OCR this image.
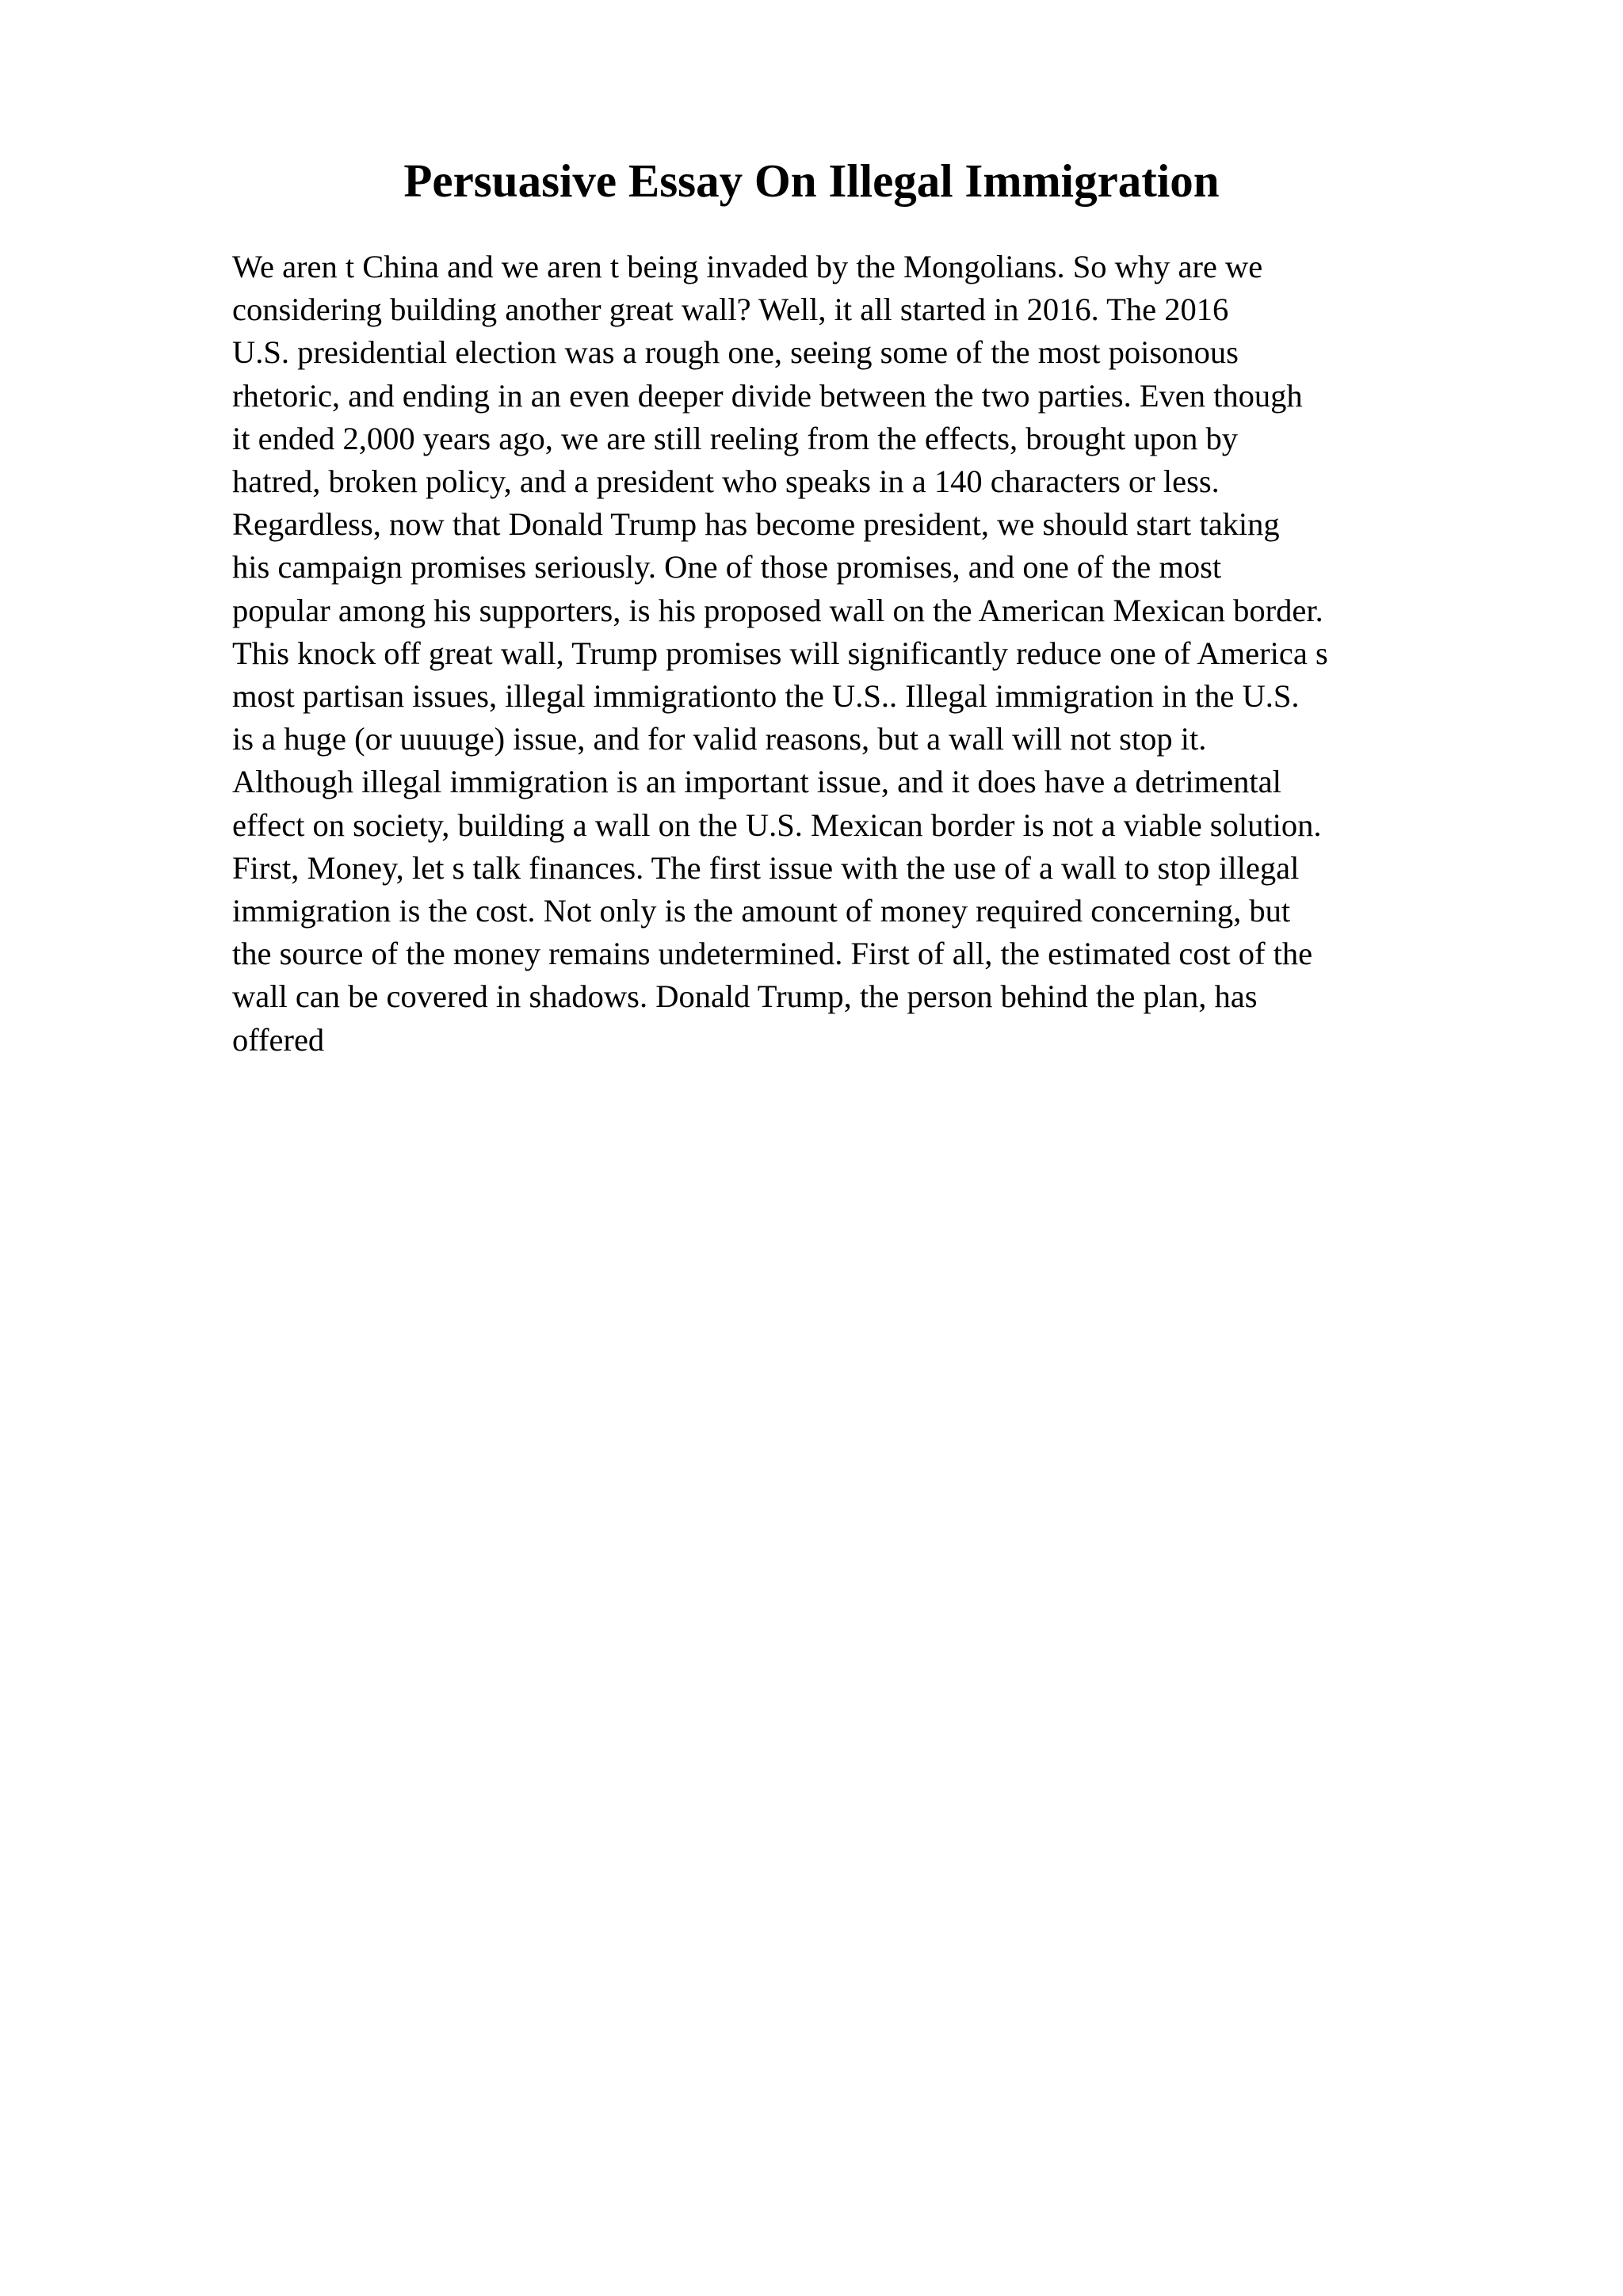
Persuasive Essay On Illegal Immigration
We aren t China and we aren t being invaded by the Mongolians. So why are we
considering building another great wall? Well, it all started in 2016. The 2016
U.S. presidential election was a rough one, seeing some of the most poisonous
rhetoric, and ending in an even deeper divide between the two parties. Even though
it ended 2,000 years ago, we are still reeling from the effects, brought upon by
hatred, broken policy, and a president who speaks in a 140 characters or less.
Regardless, now that Donald Trump has become president, we should start taking
his campaign promises seriously. One of those promises, and one of the most
popular among his supporters, is his proposed wall on the American Mexican border.
This knock off great wall, Trump promises will significantly reduce one of America s
most partisan issues, illegal immigrationto the U.S.. Illegal immigration in the U.S.
is a huge (or uuuuge) issue, and for valid reasons, but a wall will not stop it.
Although illegal immigration is an important issue, and it does have a detrimental
effect on society, building a wall on the U.S. Mexican border is not a viable solution.
First, Money, let s talk finances. The first issue with the use of a wall to stop illegal
immigration is the cost. Not only is the amount of money required concerning, but
the source of the money remains undetermined. First of all, the estimated cost of the
wall can be covered in shadows. Donald Trump, the person behind the plan, has
offered
